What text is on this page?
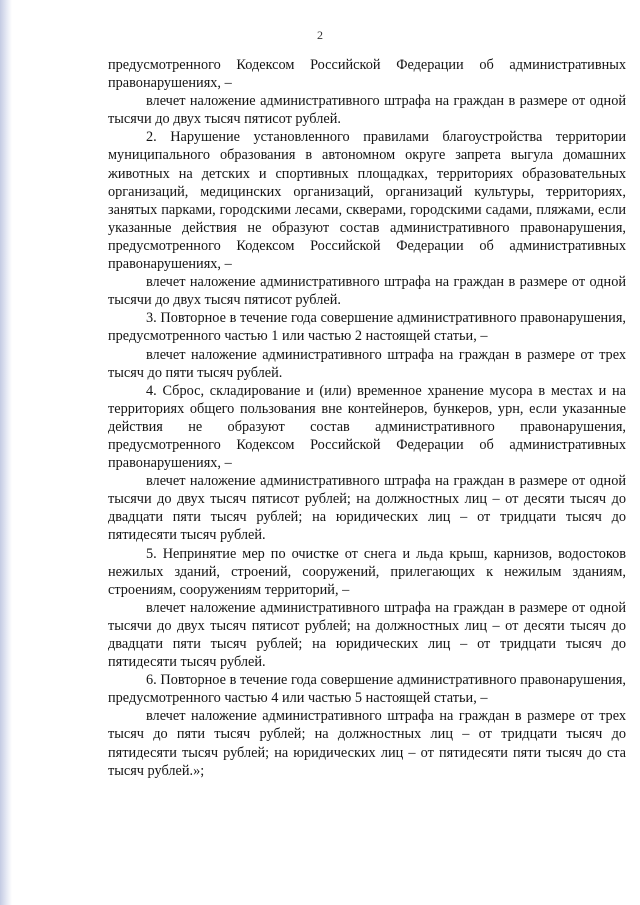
2

предусмотренного Кодексом Российской Федерации об административных правонарушениях, –

влечет наложение административного штрафа на граждан в размере от одной тысячи до двух тысяч пятисот рублей.

2. Нарушение установленного правилами благоустройства территории муниципального образования в автономном округе запрета выгула домашних животных на детских и спортивных площадках, территориях образовательных организаций, медицинских организаций, организаций культуры, территориях, занятых парками, городскими лесами, скверами, городскими садами, пляжами, если указанные действия не образуют состав административного правонарушения, предусмотренного Кодексом Российской Федерации об административных правонарушениях, –

влечет наложение административного штрафа на граждан в размере от одной тысячи до двух тысяч пятисот рублей.

3. Повторное в течение года совершение административного правонарушения, предусмотренного частью 1 или частью 2 настоящей статьи, –

влечет наложение административного штрафа на граждан в размере от трех тысяч до пяти тысяч рублей.

4. Сброс, складирование и (или) временное хранение мусора в местах и на территориях общего пользования вне контейнеров, бункеров, урн, если указанные действия не образуют состав административного правонарушения, предусмотренного Кодексом Российской Федерации об административных правонарушениях, –

влечет наложение административного штрафа на граждан в размере от одной тысячи до двух тысяч пятисот рублей; на должностных лиц – от десяти тысяч до двадцати пяти тысяч рублей; на юридических лиц – от тридцати тысяч до пятидесяти тысяч рублей.

5. Непринятие мер по очистке от снега и льда крыш, карнизов, водостоков нежилых зданий, строений, сооружений, прилегающих к нежилым зданиям, строениям, сооружениям территорий, –

влечет наложение административного штрафа на граждан в размере от одной тысячи до двух тысяч пятисот рублей; на должностных лиц – от десяти тысяч до двадцати пяти тысяч рублей; на юридических лиц – от тридцати тысяч до пятидесяти тысяч рублей.

6. Повторное в течение года совершение административного правонарушения, предусмотренного частью 4 или частью 5 настоящей статьи, –

влечет наложение административного штрафа на граждан в размере от трех тысяч до пяти тысяч рублей; на должностных лиц – от тридцати тысяч до пятидесяти тысяч рублей; на юридических лиц – от пятидесяти пяти тысяч до ста тысяч рублей.»;
